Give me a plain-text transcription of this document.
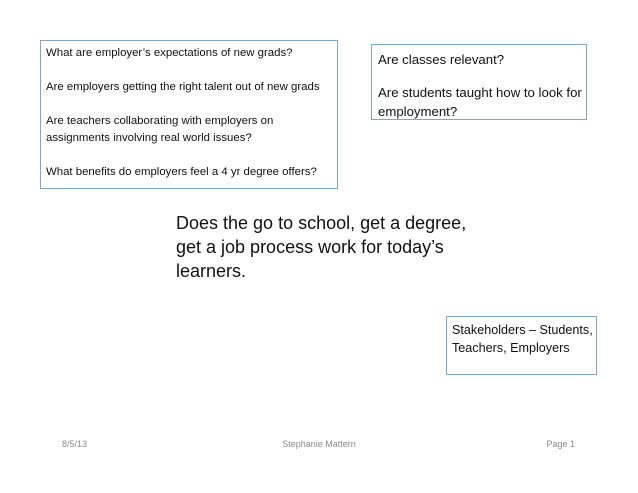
What are employer’s expectations of new grads?

Are employers getting the right talent out of new grads

Are teachers collaborating with employers on assignments involving real world issues?

What benefits do employers feel a 4 yr degree offers?

Are classes relevant?

Are students taught how to look for employment?

Does the go to school, get a degree, get a job process work for today’s learners.

Stakeholders – Students, Teachers, Employers
8/5/13	Stephanie Mattern	Page 1
